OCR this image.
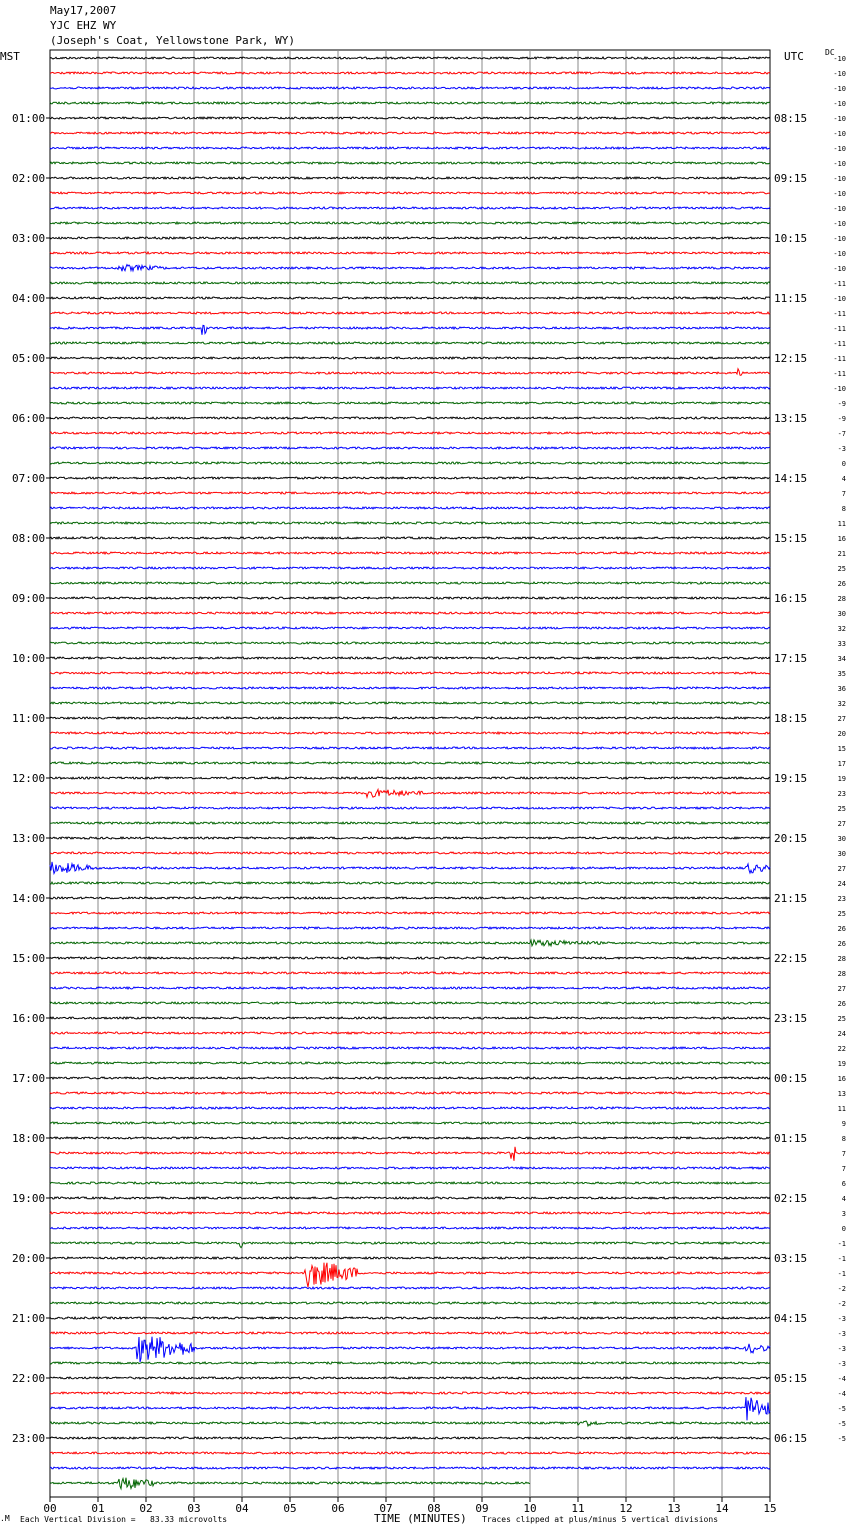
May17,2007
YJC EHZ WY
(Joseph's Coat, Yellowstone Park, WY)
MST	UTC	DC
00	01	02	03	04	05	06	07	08	09	10	11	12	13	14	15
-10
-10
-10
-10
-10
-10
-10
-10
-10
-10
-10
-10
-10
-10
-10
-11
-10
-11
-11
-11
-11
-11
-10
-9
-9
-7
-3
0
4
7
8
11
16
21
25
26
28
30
32
33
34
35
36
32
27
20
15
17
19
23
25
27
30
30
27
24
23
25
26
26
28
28
27
26
25
24
22
19
16
13
11
9
8
7
7
6
4
3
0
-1
-1
-1
-2
-2
-3
-3
-3
-3
-4
-4
-5
-5
-5
01:00
02:00
03:00
04:00
05:00
06:00
07:00
08:00
09:00
10:00
11:00
12:00
13:00
14:00
15:00
16:00
17:00
18:00
19:00
20:00
21:00
22:00
23:00
08:15
09:15
10:15
11:15
12:15
13:15
14:15
15:15
16:15
17:15
18:15
19:15
20:15
21:15
22:15
23:15
00:15
01:15
02:15
03:15
04:15
05:15
06:15
.M Each Vertical Division =   83.33 microvolts	TIME (MINUTES) Traces clipped at plus/minus 5 vertical divisions
